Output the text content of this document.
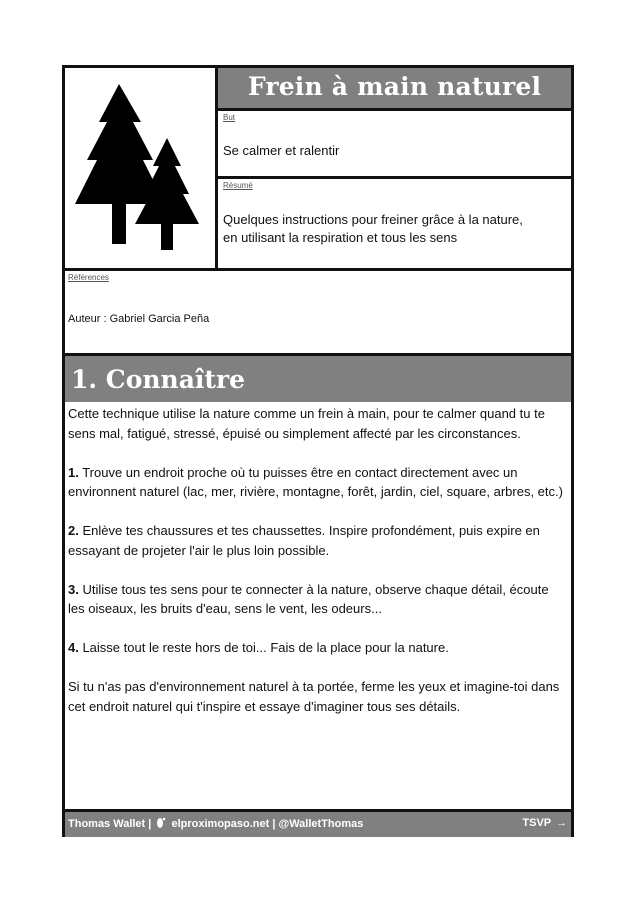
Frein à main naturel
But
Se calmer et ralentir
Résumé
Quelques instructions pour freiner grâce à la nature,
en utilisant la respiration et tous les sens
Références
Auteur : Gabriel Garcia Peña
1. Connaître

Cette technique utilise la nature comme un frein à main, pour te calmer quand tu te sens mal, fatigué, stressé, épuisé ou simplement affecté par les circonstances.

1. Trouve un endroit proche où tu puisses être en contact directement avec un environnent naturel (lac, mer, rivière, montagne, forêt, jardin, ciel, square, arbres, etc.)

2. Enlève tes chaussures et tes chaussettes. Inspire profondément, puis expire en essayant de projeter l'air le plus loin possible.

3. Utilise tous tes sens pour te connecter à la nature, observe chaque détail, écoute les oiseaux, les bruits d'eau, sens le vent, les odeurs...

4. Laisse tout le reste hors de toi... Fais de la place pour la nature.

Si tu n'as pas d'environnement naturel à ta portée, ferme les yeux et imagine-toi dans cet endroit naturel qui t'inspire et essaye d'imaginer tous ses détails.

Thomas Wallet |  elproximopaso.net | @WalletThomas	TSVP →
